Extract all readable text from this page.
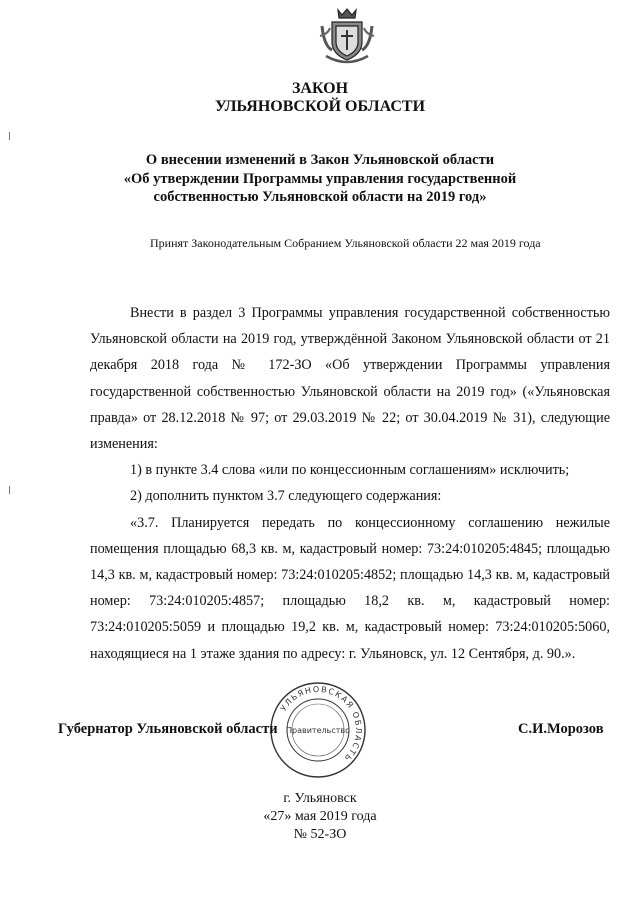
ЗАКОН
УЛЬЯНОВСКОЙ ОБЛАСТИ
О внесении изменений в Закон Ульяновской области
«Об утверждении Программы управления государственной
собственностью Ульяновской области на 2019 год»
Принят Законодательным Собранием Ульяновской области 22 мая 2019 года

Внести в раздел 3 Программы управления государственной собственностью Ульяновской области на 2019 год, утверждённой Законом Ульяновской области от 21 декабря 2018 года № 172-ЗО «Об утверждении Программы управления государственной собственностью Ульяновской области на 2019 год» («Ульяновская правда» от 28.12.2018 № 97; от 29.03.2019 № 22; от 30.04.2019 № 31), следующие изменения:

1) в пункте 3.4 слова «или по концессионным соглашениям» исключить;

2) дополнить пунктом 3.7 следующего содержания:

«3.7. Планируется передать по концессионному соглашению нежилые помещения площадью 68,3 кв. м, кадастровый номер: 73:24:010205:4845; площадью 14,3 кв. м, кадастровый номер: 73:24:010205:4852; площадью 14,3 кв. м, кадастровый номер: 73:24:010205:4857; площадью 18,2 кв. м, кадастровый номер: 73:24:010205:5059 и площадью 19,2 кв. м, кадастровый номер: 73:24:010205:5060, находящиеся на 1 этаже здания по адресу: г. Ульяновск, ул. 12 Сентября, д. 90.».

УЛЬЯНОВСКАЯ ОБЛАСТЬ
Правительство
Губернатор Ульяновской области	С.И.Морозов
г. Ульяновск
«27» мая 2019 года
№ 52-ЗО
